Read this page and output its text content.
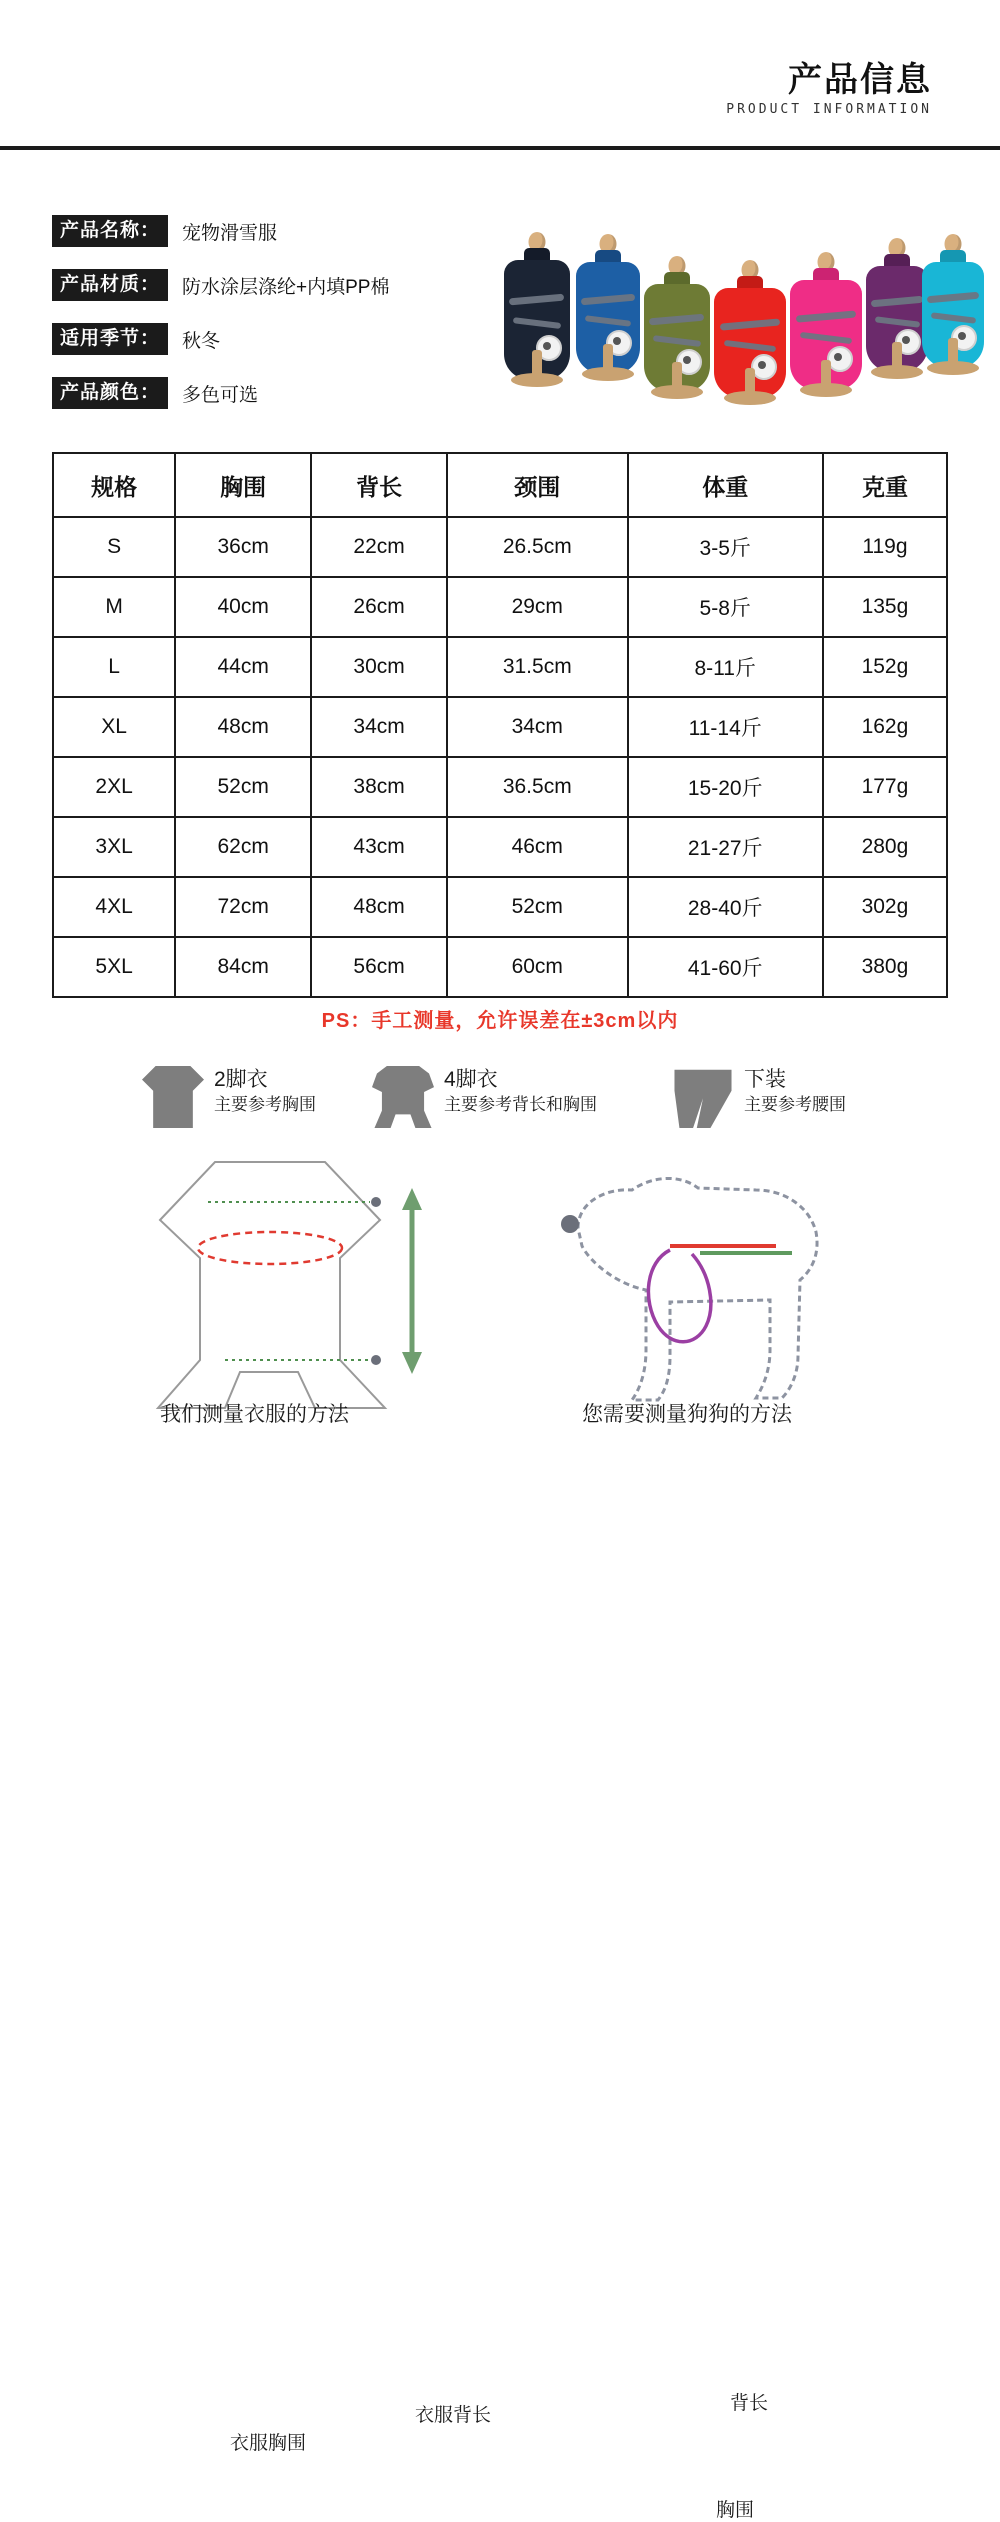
产品信息
PRODUCT INFORMATION
产品名称：	宠物滑雪服
产品材质：	防水涂层涤纶+内填PP棉
适用季节：	秋冬
产品颜色：	多色可选
规格	胸围	背长	颈围	体重	克重
S	36cm	22cm	26.5cm	3-5斤	119g
M	40cm	26cm	29cm	5-8斤	135g
L	44cm	30cm	31.5cm	8-11斤	152g
XL	48cm	34cm	34cm	11-14斤	162g
2XL	52cm	38cm	36.5cm	15-20斤	177g
3XL	62cm	43cm	46cm	21-27斤	280g
4XL	72cm	48cm	52cm	28-40斤	302g
5XL	84cm	56cm	60cm	41-60斤	380g
PS：手工测量，允许误差在±3cm以内
2脚衣
主要参考胸围
4脚衣
主要参考背长和胸围
下装
主要参考腰围
衣服胸围
衣服背长
背长
胸围
我们测量衣服的方法	您需要测量狗狗的方法
